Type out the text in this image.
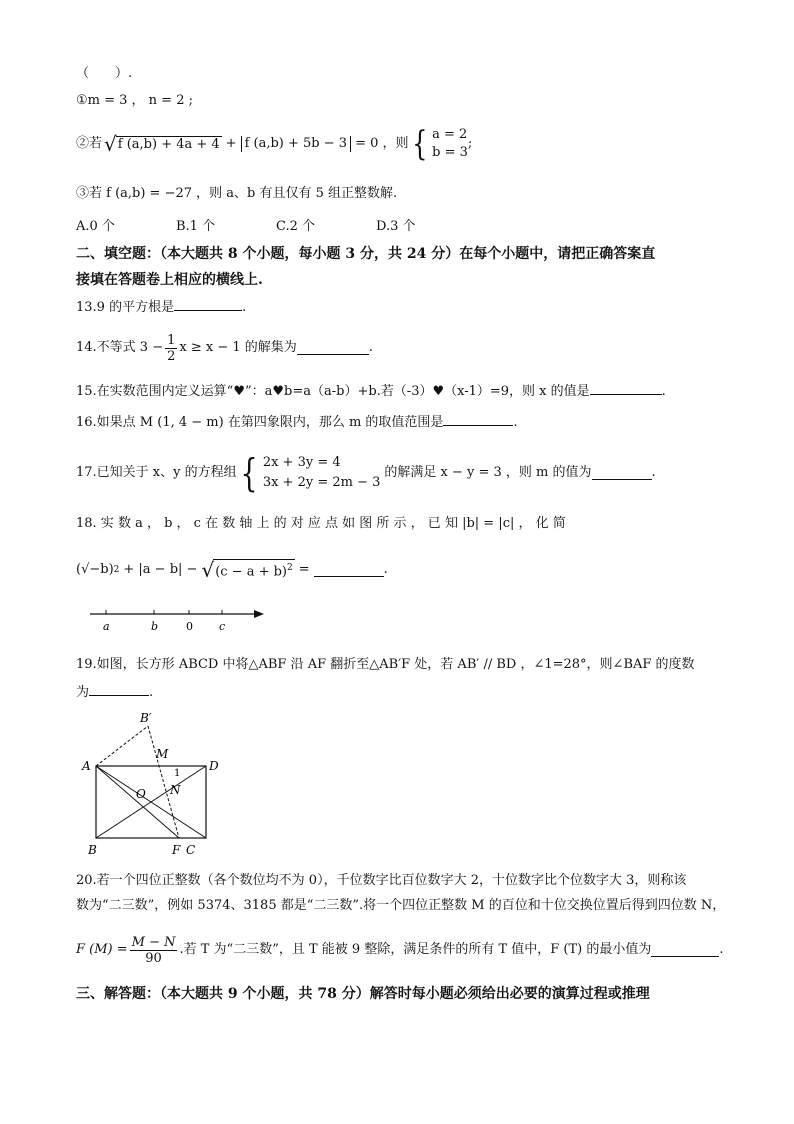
（　　）.
①m = 3 ， n = 2 ;
②若 √ f (a,b) + 4a + 4 + f (a,b) + 5b − 3 = 0 ，则 { a = 2
b = 3
;
③若 f (a,b) = −27 ，则 a、b 有且仅有 5 组正整数解.
A.0 个	B.1 个	C.2 个	D.3 个
二、填空题：（本大题共 8 个小题，每小题 3 分，共 24 分）在每个小题中，请把正确答案直
接填在答题卷上相应的横线上.
13.9 的平方根是	.
14.不等式 $3 - \frac{1}{2}$ x ≥ x − 1 的解集为	.
15.在实数范围内定义运算“♥”：a♥b=a（a-b）+b.若（-3）♥（x-1）=9，则 x 的值是	.
16.如果点 M (1, 4 − m) 在第四象限内，那么 m 的取值范围是	.
17.已知关于 x、y 的方程组 { 2x + 3y = 4
3x + 2y = 2m − 3
的解满足 x − y = 3 ，则 m 的值为	.
18. 实 数 a ， b ， c 在 数 轴 上 的 对 应 点 如 图 所 示 ， 已 知 |b| = |c| ， 化 简
(√−b) 2 + |a − b| − √ $(c - a + b)^2$ =	.
a	b	0 c
19.如图，长方形 ABCD 中将△ABF 沿 AF 翻折至△AB′F 处，若 AB′ // BD ，∠1=28°，则∠BAF 的度数
为	.
B′
M
A	D
1
O N
B	F C
20.若一个四位正整数（各个数位均不为 0），千位数字比百位数字大 2，十位数字比个位数字大 3，则称该
数为“二三数”，例如 5374、3185 都是“二三数”.将一个四位正整数 M 的百位和十位交换位置后得到四位数 N，
F $(M) = \frac{M - N}{90}$ .若 T 为“二三数”，且 T 能被 9 整除，满足条件的所有 T 值中，F (T) 的最小值为	.
三、解答题：（本大题共 9 个小题，共 78 分）解答时每小题必须给出必要的演算过程或推理
